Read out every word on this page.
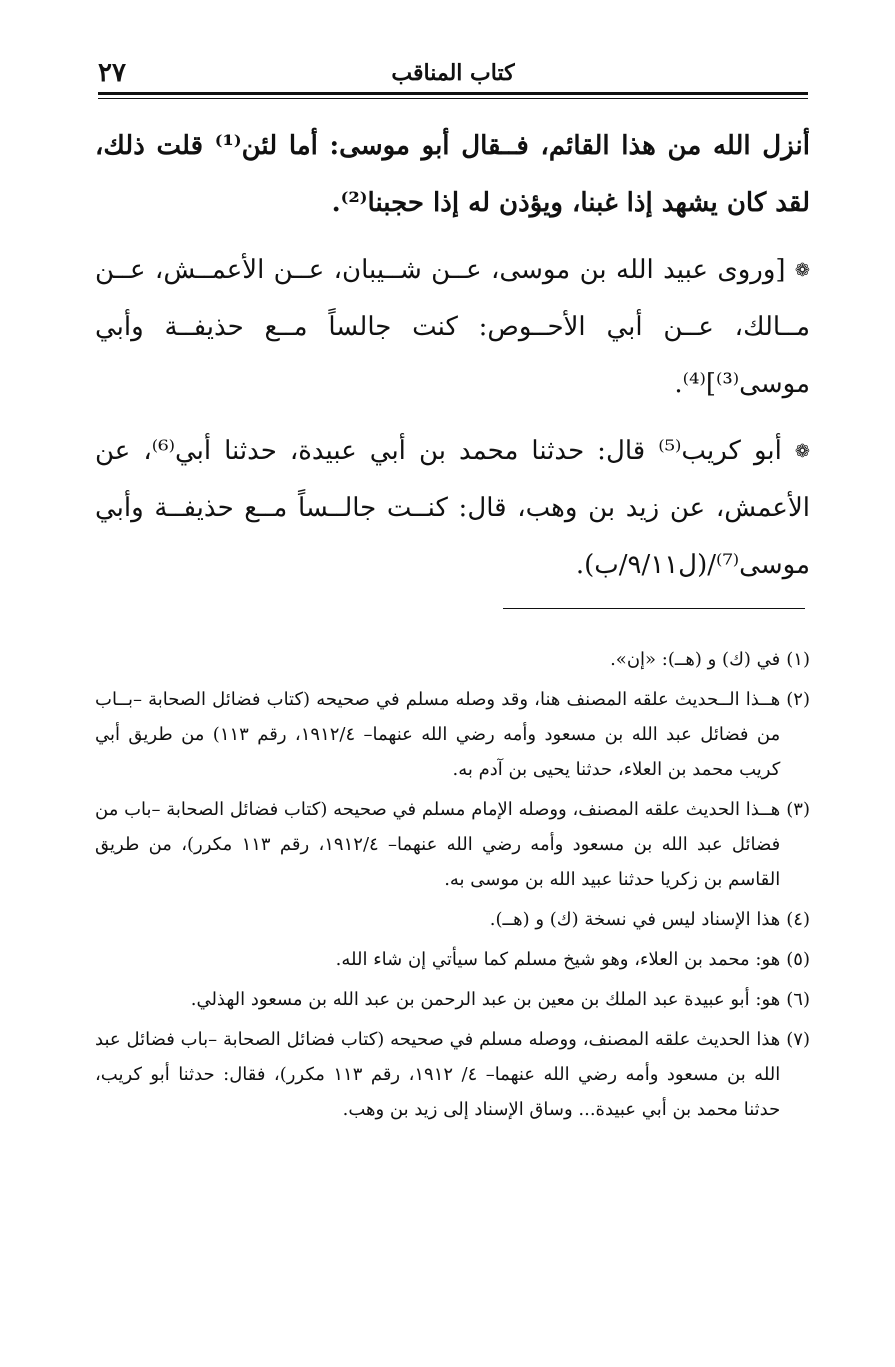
كتاب المناقب
٢٧

أنزل الله من هذا القائم، فــقال أبو موسى: أما لئن⁽¹⁾ قلت ذلك، لقد كان يشهد إذا غبنا، ويؤذن له إذا حجبنا⁽²⁾.

❁ [وروى عبيد الله بن موسى، عــن شــيبان، عــن الأعمــش، عــن مــالك، عــن أبي الأحــوص: كنت جالساً مــع حذيفــة وأبي موسى⁽³⁾]⁽⁴⁾.

❁ أبو كريب⁽⁵⁾ قال: حدثنا محمد بن أبي عبيدة، حدثنا أبي⁽⁶⁾، عن الأعمش، عن زيد بن وهب، قال: كنــت جالــساً مــع حذيفــة وأبي موسى⁽⁷⁾/(ل٩/١١/ب).

(١)
في (ك) و (هــ): «إن».
(٢)
هــذا الــحديث علقه المصنف هنا، وقد وصله مسلم في صحيحه (كتاب فضائل الصحابة –بــاب من فضائل عبد الله بن مسعود وأمه رضي الله عنهما– ١٩١٢/٤، رقم ١١٣) من طريق أبي كريب محمد بن العلاء، حدثنا يحيى بن آدم به.
(٣)
هــذا الحديث علقه المصنف، ووصله الإمام مسلم في صحيحه (كتاب فضائل الصحابة –باب من فضائل عبد الله بن مسعود وأمه رضي الله عنهما– ١٩١٢/٤، رقم ١١٣ مكرر)، من طريق القاسم بن زكريا حدثنا عبيد الله بن موسى به.
(٤)
هذا الإسناد ليس في نسخة (ك) و (هــ).
(٥)
هو: محمد بن العلاء، وهو شيخ مسلم كما سيأتي إن شاء الله.
(٦)
هو: أبو عبيدة عبد الملك بن معين بن عبد الرحمن بن عبد الله بن مسعود الهذلي.
(٧)
هذا الحديث علقه المصنف، ووصله مسلم في صحيحه (كتاب فضائل الصحابة –باب فضائل عبد الله بن مسعود وأمه رضي الله عنهما– ٤/ ١٩١٢، رقم ١١٣ مكرر)، فقال: حدثنا أبو كريب، حدثنا محمد بن أبي عبيدة... وساق الإسناد إلى زيد بن وهب.
